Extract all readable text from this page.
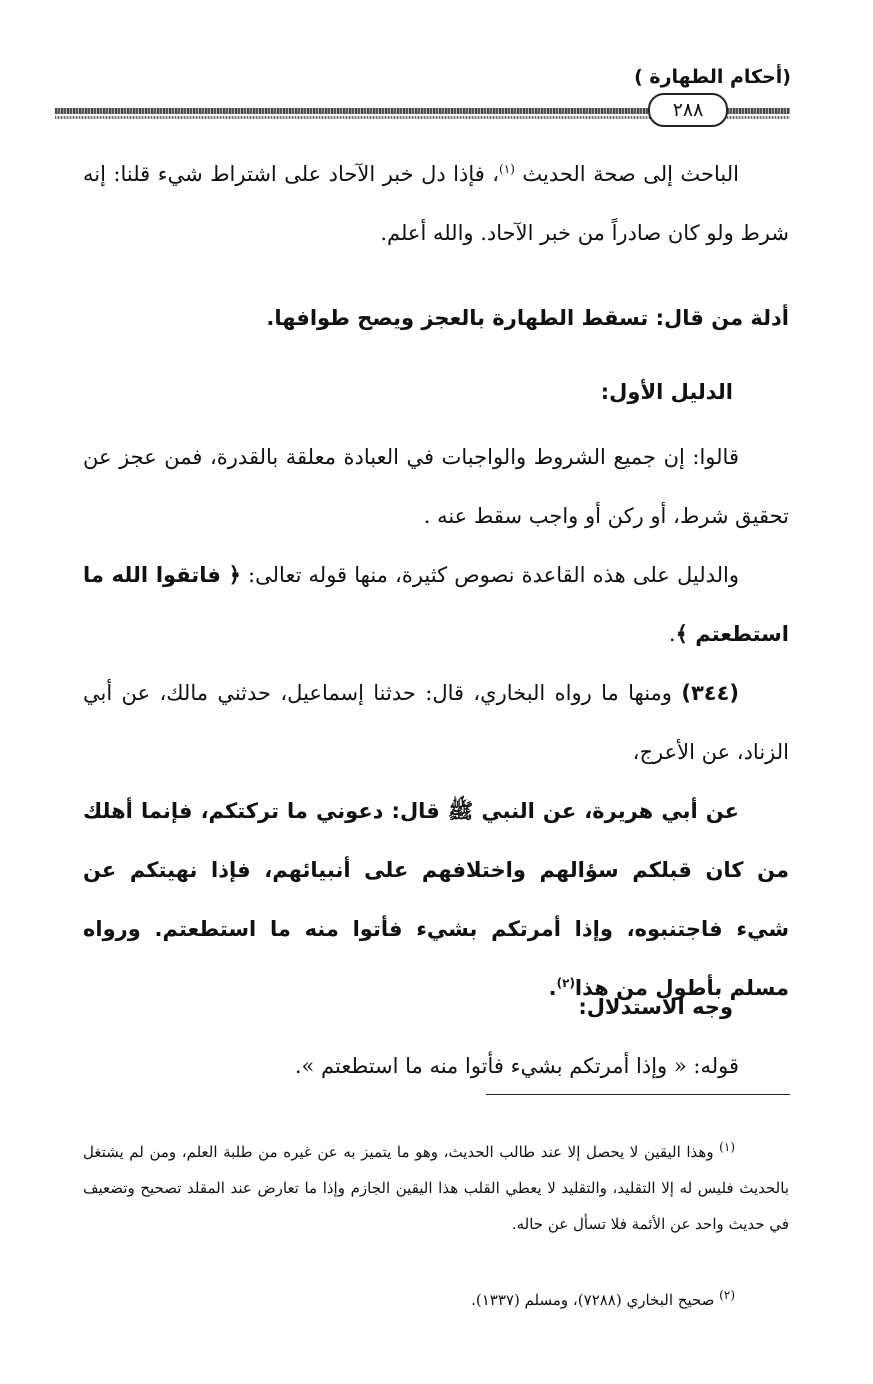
(أحكام الطهارة )
٢٨٨

الباحث إلى صحة الحديث $^{(١)}$، فإذا دل خبر الآحاد على اشتراط شيء قلنا: إنه شرط ولو كان صادراً من خبر الآحاد. والله أعلم.

أدلة من قال: تسقط الطهارة بالعجز ويصح طوافها.

الدليل الأول:

قالوا: إن جميع الشروط والواجبات في العبادة معلقة بالقدرة، فمن عجز عن تحقيق شرط، أو ركن أو واجب سقط عنه .

والدليل على هذه القاعدة نصوص كثيرة، منها قوله تعالى: ﴿ فاتقوا الله ما استطعتم ﴾.

(٣٤٤) ومنها ما رواه البخاري، قال: حدثنا إسماعيل، حدثني مالك، عن أبي الزناد، عن الأعرج،

عن أبي هريرة، عن النبي ﷺ قال: دعوني ما تركتكم، فإنما أهلك من كان قبلكم سؤالهم واختلافهم على أنبيائهم، فإذا نهيتكم عن شيء فاجتنبوه، وإذا أمرتكم بشيء فأتوا منه ما استطعتم. ورواه مسلم بأطول من هذا$^{(٢)}$.

وجه الاستدلال:

قوله: « وإذا أمرتكم بشيء فأتوا منه ما استطعتم ».

$^{(١)}$ وهذا اليقين لا يحصل إلا عند طالب الحديث، وهو ما يتميز به عن غيره من طلبة العلم، ومن لم يشتغل بالحديث فليس له إلا التقليد، والتقليد لا يعطي القلب هذا اليقين الجازم وإذا ما تعارض عند المقلد تصحيح وتضعيف في حديث واحد عن الأئمة فلا تسأل عن حاله.

$^{(٢)}$ صحيح البخاري (٧٢٨٨)، ومسلم (١٣٣٧).
